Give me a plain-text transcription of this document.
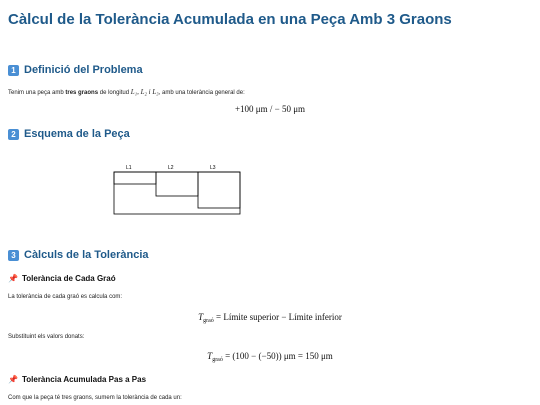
Càlcul de la Tolerància Acumulada en una Peça Amb 3 Graons
1 Definició del Problema
Tenim una peça amb tres graons de longitud L₁, L₂ i L₃, amb una tolerància general de:
+100 μm / − 50 μm
2 Esquema de la Peça
L1	L2	L3
3 Càlculs de la Tolerància
📌 Tolerància de Cada Graó
La tolerància de cada graó es calcula com:
$T_{graó}$ = Límite superior − Límite inferior
Substituint els valors donats:
$T_{graó} = (100 - (-50)) \mu m = 150$ μm
📌 Tolerància Acumulada Pas a Pas
Com que la peça té tres graons, sumem la tolerància de cada un:
